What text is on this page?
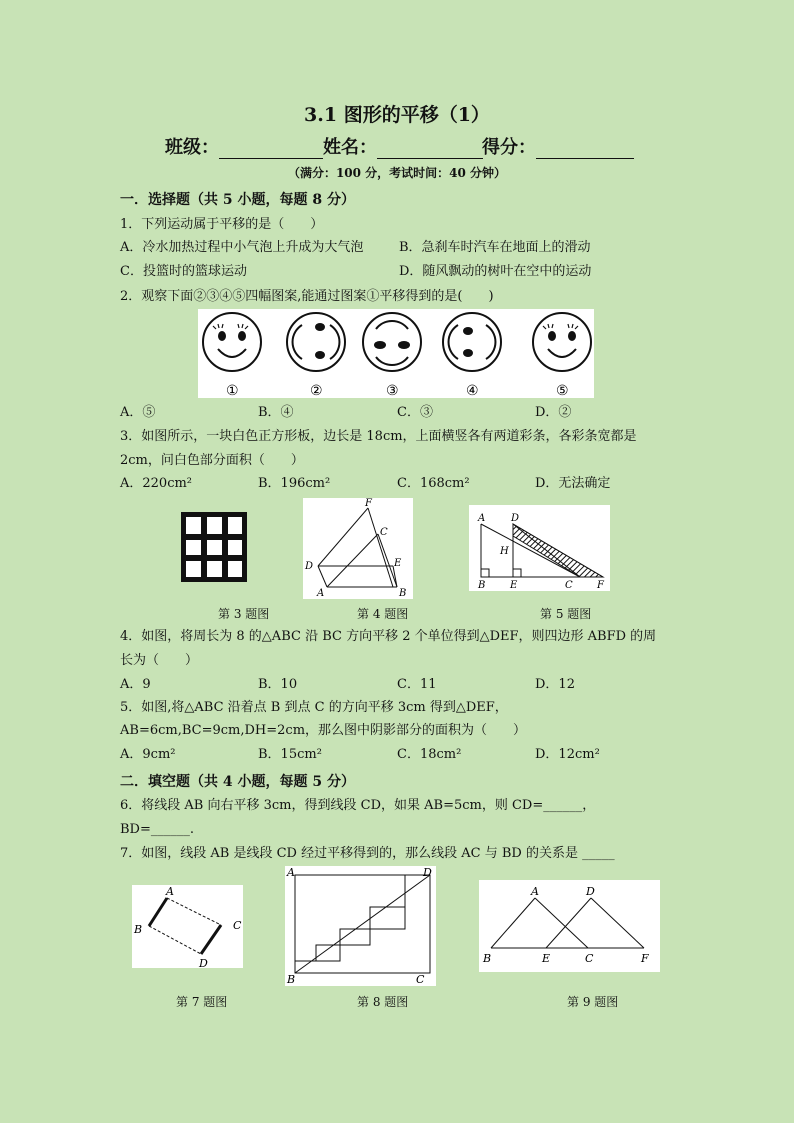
3.1 图形的平移（1）
班级：	姓名：	得分：
（满分：100 分，考试时间：40 分钟）
一．选择题（共 5 小题，每题 8 分）
1．下列运动属于平移的是（　　）
A．冷水加热过程中小气泡上升成为大气泡	B．急刹车时汽车在地面上的滑动
C．投篮时的篮球运动	D．随风飘动的树叶在空中的运动
2．观察下面②③④⑤四幅图案,能通过图案①平移得到的是(　　)
①	②	③	④	⑤
A．⑤	B．④	C．③	D．②
3．如图所示，一块白色正方形板，边长是 18cm，上面横竖各有两道彩条，各彩条宽都是
2cm，问白色部分面积（　　）
A．220cm²	B．196cm²	C．168cm²	D．无法确定
F
C
D	E
A	B
A	D
H
B E	C F
第 3 题图	第 4 题图	第 5 题图
4．如图，将周长为 8 的△ABC 沿 BC 方向平移 2 个单位得到△DEF，则四边形 ABFD 的周
长为（　　）
A．9	B．10	C．11	D．12
5．如图,将△ABC 沿着点 B 到点 C 的方向平移 3cm 得到△DEF，
AB=6cm,BC=9cm,DH=2cm，那么图中阴影部分的面积为（　　）
A．9cm²	B．15cm²	C．18cm²	D．12cm²
二．填空题（共 4 小题，每题 5 分）
6．将线段 AB 向右平移 3cm，得到线段 CD，如果 AB=5cm，则 CD=______，
BD=______.
7．如图，线段 AB 是线段 CD 经过平移得到的，那么线段 AC 与 BD 的关系是 _____
A
B	C
D
A	D
B	C
A	D
B	E	C	F
第 7 题图	第 8 题图	第 9 题图
